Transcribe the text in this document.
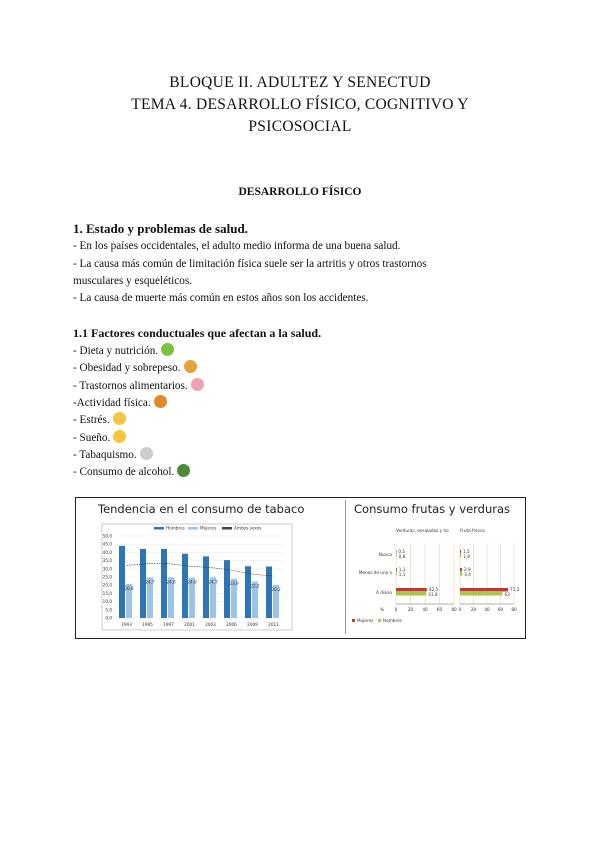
BLOQUE II. ADULTEZ Y SENECTUD
TEMA 4. DESARROLLO FÍSICO, COGNITIVO Y
PSICOSOCIAL
DESARROLLO FÍSICO
1. Estado y problemas de salud.
- En los países occidentales, el adulto medio informa de una buena salud.
- La causa más común de limitación física suele ser la artritis y otros trastornos
musculares y esqueléticos.
- La causa de muerte más común en estos años son los accidentes.
1.1 Factores conductuales que afectan a la salud.
- Dieta y nutrición.
- Obesidad y sobrepeso.
- Trastornos alimentarios.
-Actividad física.
- Estrés.
- Sueño.
- Tabaquismo.
- Consumo de alcohol.
Tendencia en el consumo de tabaco	Consumo frutas y verduras
Hombres	Mujeres	Ambos sexos
0,0
5,0
10,0
15,0
20,0
25,0
30,0
35,0
40,0
45,0
50,0
20,8
1993
24,7
1995
24,8
1997
24,6
2001
24,7
2003
23,9
2006
22,2
2009
20,2
2011
Nunca
Menos de una v
A diario
Verduras, ensaladas y ho
0 20 40 60 80
0,5
0,8
1,1
1,1
42,5
41,8
Fruta fresca
0 20 40 60 80
1,5
1,8
2,9
3,4
71,2
63
%
Mujeres Hombres
